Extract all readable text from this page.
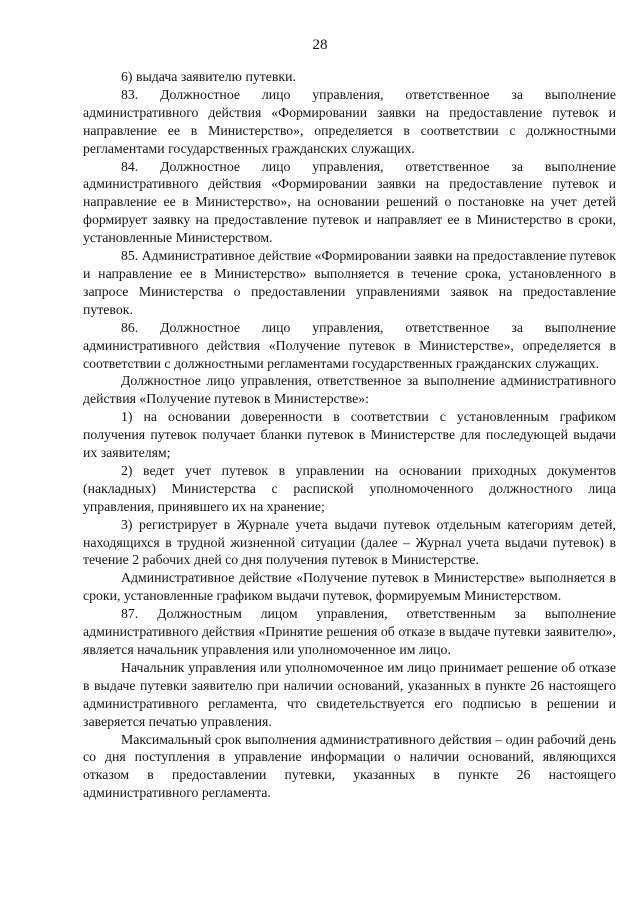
28

6) выдача заявителю путевки.

83. Должностное лицо управления, ответственное за выполнение административного действия «Формировании заявки на предоставление путевок и направление ее в Министерство», определяется в соответствии с должностными регламентами государственных гражданских служащих.

84. Должностное лицо управления, ответственное за выполнение административного действия «Формировании заявки на предоставление путевок и направление ее в Министерство», на основании решений о постановке на учет детей формирует заявку на предоставление путевок и направляет ее в Министерство в сроки, установленные Министерством.

85. Административное действие «Формировании заявки на предоставление путевок и направление ее в Министерство» выполняется в течение срока, установленного в запросе Министерства о предоставлении управлениями заявок на предоставление путевок.

86. Должностное лицо управления, ответственное за выполнение административного действия «Получение путевок в Министерстве», определяется в соответствии с должностными регламентами государственных гражданских служащих.

Должностное лицо управления, ответственное за выполнение административного действия «Получение путевок в Министерстве»:

1) на основании доверенности в соответствии с установленным графиком получения путевок получает бланки путевок в Министерстве для последующей выдачи их заявителям;

2) ведет учет путевок в управлении на основании приходных документов (накладных) Министерства с распиской уполномоченного должностного лица управления, принявшего их на хранение;

3) регистрирует в Журнале учета выдачи путевок отдельным категориям детей, находящихся в трудной жизненной ситуации (далее – Журнал учета выдачи путевок) в течение 2 рабочих дней со дня получения путевок в Министерстве.

Административное действие «Получение путевок в Министерстве» выполняется в сроки, установленные графиком выдачи путевок, формируемым Министерством.

87. Должностным лицом управления, ответственным за выполнение административного действия «Принятие решения об отказе в выдаче путевки заявителю», является начальник управления или уполномоченное им лицо.

Начальник управления или уполномоченное им лицо принимает решение об отказе в выдаче путевки заявителю при наличии оснований, указанных в пункте 26 настоящего административного регламента, что свидетельствуется его подписью в решении и заверяется печатью управления.

Максимальный срок выполнения административного действия – один рабочий день со дня поступления в управление информации о наличии оснований, являющихся отказом в предоставлении путевки, указанных в пункте 26 настоящего административного регламента.
